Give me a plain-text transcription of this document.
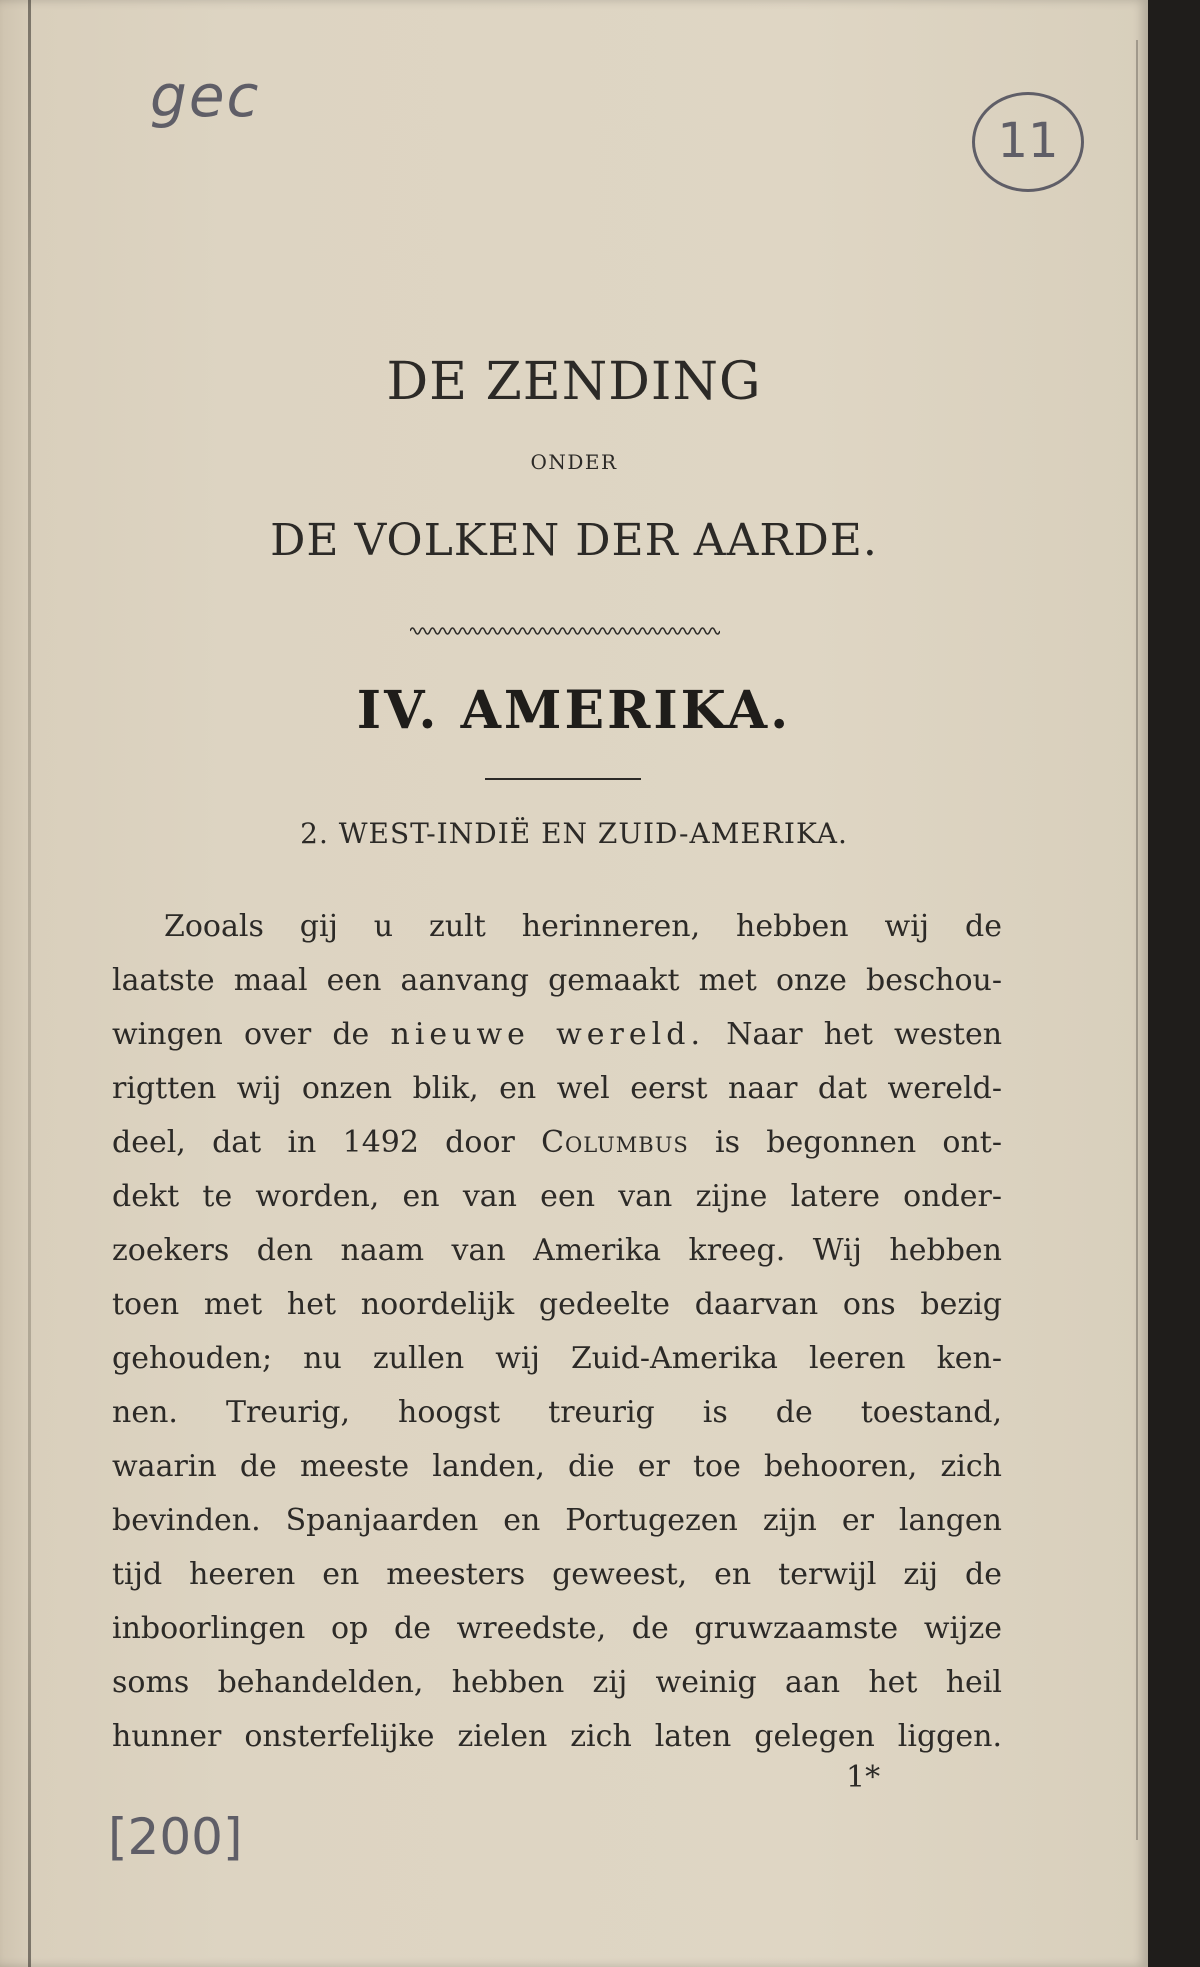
gec
11
DE ZENDING
ONDER
DE VOLKEN DER AARDE.
IV. AMERIKA.
2. WEST-INDIË EN ZUID-AMERIKA.
Zooals gij u zult herinneren, hebben wij de
laatste maal een aanvang gemaakt met onze beschou-
wingen over de nieuwe wereld. Naar het westen
rigtten wij onzen blik, en wel eerst naar dat wereld-
deel, dat in 1492 door Columbus is begonnen ont-
dekt te worden, en van een van zijne latere onder-
zoekers den naam van Amerika kreeg. Wij hebben
toen met het noordelijk gedeelte daarvan ons bezig
gehouden; nu zullen wij Zuid-Amerika leeren ken-
nen. Treurig, hoogst treurig is de toestand,
waarin de meeste landen, die er toe behooren, zich
bevinden. Spanjaarden en Portugezen zijn er langen
tijd heeren en meesters geweest, en terwijl zij de
inboorlingen op de wreedste, de gruwzaamste wijze
soms behandelden, hebben zij weinig aan het heil
hunner onsterfelijke zielen zich laten gelegen liggen.
1*
[200]
